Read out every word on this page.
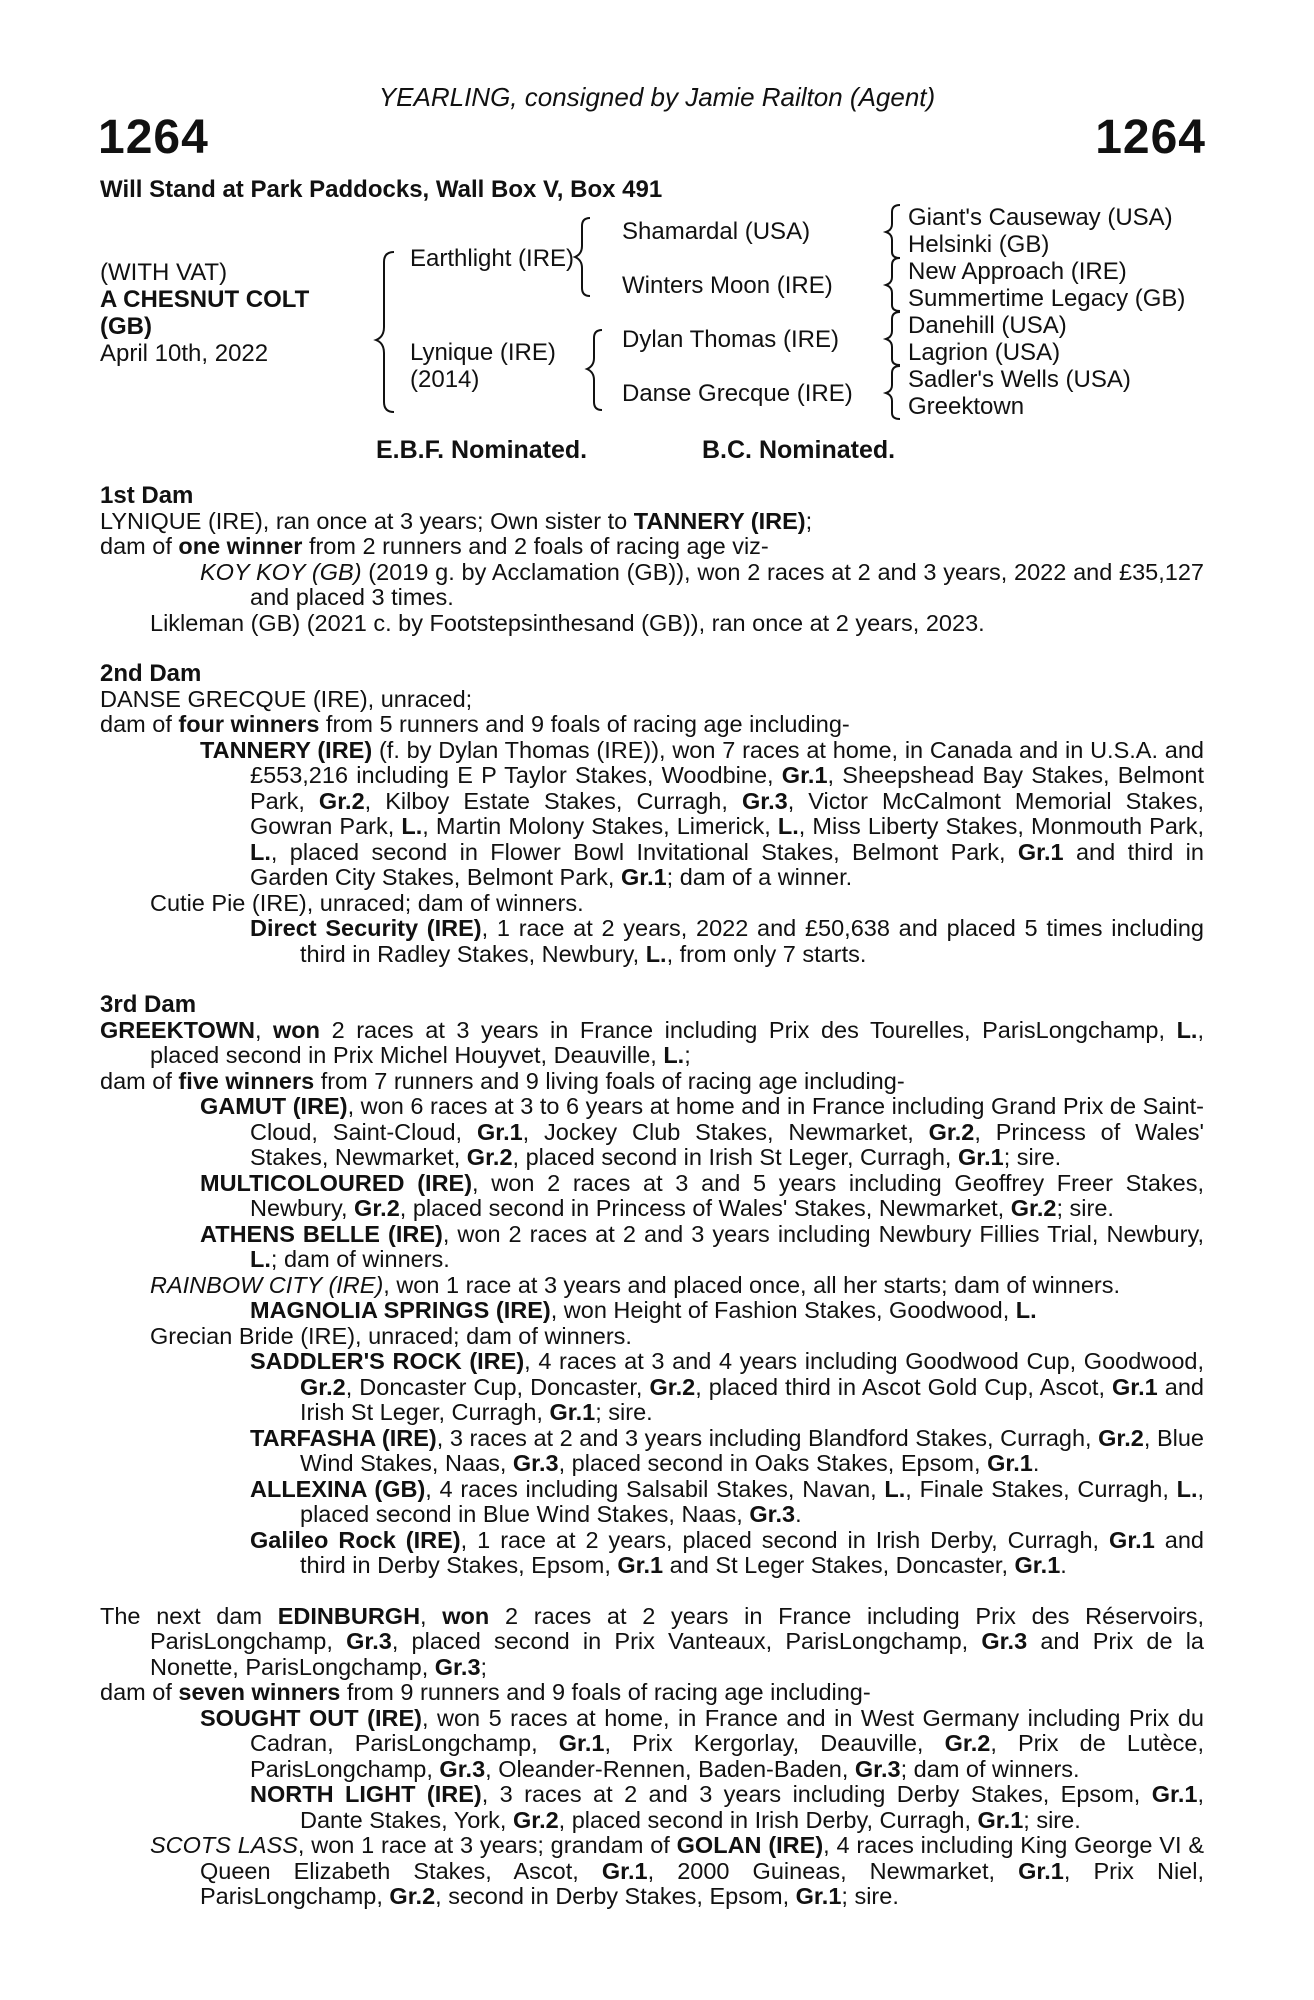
YEARLING, consigned by Jamie Railton (Agent)
1264	1264
Will Stand at Park Paddocks, Wall Box V, Box 491
(WITH VAT)
A CHESNUT COLT
(GB)
April 10th, 2022
Earthlight (IRE)
Lynique (IRE)
(2014)
Shamardal (USA)
Winters Moon (IRE)
Dylan Thomas (IRE)
Danse Grecque (IRE)
Giant's Causeway (USA)
Helsinki (GB)
New Approach (IRE)
Summertime Legacy (GB)
Danehill (USA)
Lagrion (USA)
Sadler's Wells (USA)
Greektown
E.B.F. Nominated.	B.C. Nominated.
1st Dam
LYNIQUE (IRE), ran once at 3 years; Own sister to TANNERY (IRE);
dam of one winner from 2 runners and 2 foals of racing age viz-
KOY KOY (GB) (2019 g. by Acclamation (GB)), won 2 races at 2 and 3 years, 2022 and £35,127 and placed 3 times.
Likleman (GB) (2021 c. by Footstepsinthesand (GB)), ran once at 2 years, 2023.
2nd Dam
DANSE GRECQUE (IRE), unraced;
dam of four winners from 5 runners and 9 foals of racing age including-
TANNERY (IRE) (f. by Dylan Thomas (IRE)), won 7 races at home, in Canada and in U.S.A. and £553,216 including E P Taylor Stakes, Woodbine, Gr.1, Sheepshead Bay Stakes, Belmont Park, Gr.2, Kilboy Estate Stakes, Curragh, Gr.3, Victor McCalmont Memorial Stakes, Gowran Park, L., Martin Molony Stakes, Limerick, L., Miss Liberty Stakes, Monmouth Park, L., placed second in Flower Bowl Invitational Stakes, Belmont Park, Gr.1 and third in Garden City Stakes, Belmont Park, Gr.1; dam of a winner.
Cutie Pie (IRE), unraced; dam of winners.
Direct Security (IRE), 1 race at 2 years, 2022 and £50,638 and placed 5 times including third in Radley Stakes, Newbury, L., from only 7 starts.
3rd Dam
GREEKTOWN, won 2 races at 3 years in France including Prix des Tourelles, ParisLongchamp, L., placed second in Prix Michel Houyvet, Deauville, L.;
dam of five winners from 7 runners and 9 living foals of racing age including-
GAMUT (IRE), won 6 races at 3 to 6 years at home and in France including Grand Prix de Saint-Cloud, Saint-Cloud, Gr.1, Jockey Club Stakes, Newmarket, Gr.2, Princess of Wales' Stakes, Newmarket, Gr.2, placed second in Irish St Leger, Curragh, Gr.1; sire.
MULTICOLOURED (IRE), won 2 races at 3 and 5 years including Geoffrey Freer Stakes, Newbury, Gr.2, placed second in Princess of Wales' Stakes, Newmarket, Gr.2; sire.
ATHENS BELLE (IRE), won 2 races at 2 and 3 years including Newbury Fillies Trial, Newbury, L.; dam of winners.
RAINBOW CITY (IRE), won 1 race at 3 years and placed once, all her starts; dam of winners.
MAGNOLIA SPRINGS (IRE), won Height of Fashion Stakes, Goodwood, L.
Grecian Bride (IRE), unraced; dam of winners.
SADDLER'S ROCK (IRE), 4 races at 3 and 4 years including Goodwood Cup, Goodwood, Gr.2, Doncaster Cup, Doncaster, Gr.2, placed third in Ascot Gold Cup, Ascot, Gr.1 and Irish St Leger, Curragh, Gr.1; sire.
TARFASHA (IRE), 3 races at 2 and 3 years including Blandford Stakes, Curragh, Gr.2, Blue Wind Stakes, Naas, Gr.3, placed second in Oaks Stakes, Epsom, Gr.1.
ALLEXINA (GB), 4 races including Salsabil Stakes, Navan, L., Finale Stakes, Curragh, L., placed second in Blue Wind Stakes, Naas, Gr.3.
Galileo Rock (IRE), 1 race at 2 years, placed second in Irish Derby, Curragh, Gr.1 and third in Derby Stakes, Epsom, Gr.1 and St Leger Stakes, Doncaster, Gr.1.
The next dam EDINBURGH, won 2 races at 2 years in France including Prix des Réservoirs, ParisLongchamp, Gr.3, placed second in Prix Vanteaux, ParisLongchamp, Gr.3 and Prix de la Nonette, ParisLongchamp, Gr.3;
dam of seven winners from 9 runners and 9 foals of racing age including-
SOUGHT OUT (IRE), won 5 races at home, in France and in West Germany including Prix du Cadran, ParisLongchamp, Gr.1, Prix Kergorlay, Deauville, Gr.2, Prix de Lutèce, ParisLongchamp, Gr.3, Oleander-Rennen, Baden-Baden, Gr.3; dam of winners.
NORTH LIGHT (IRE), 3 races at 2 and 3 years including Derby Stakes, Epsom, Gr.1, Dante Stakes, York, Gr.2, placed second in Irish Derby, Curragh, Gr.1; sire.
SCOTS LASS, won 1 race at 3 years; grandam of GOLAN (IRE), 4 races including King George VI & Queen Elizabeth Stakes, Ascot, Gr.1, 2000 Guineas, Newmarket, Gr.1, Prix Niel, ParisLongchamp, Gr.2, second in Derby Stakes, Epsom, Gr.1; sire.
